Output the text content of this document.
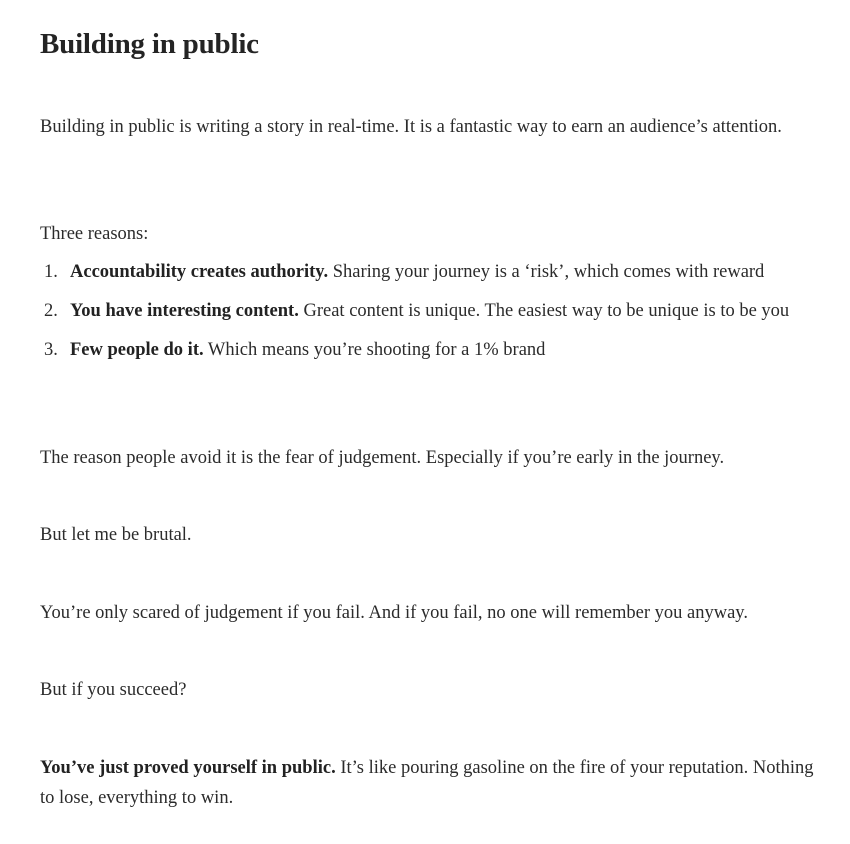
Building in public

Building in public is writing a story in real-time. It is a fantastic way to earn an audience’s attention.

Three reasons:

1. Accountability creates authority. Sharing your journey is a ‘risk’, which comes with reward
2. You have interesting content. Great content is unique. The easiest way to be unique is to be you
3. Few people do it. Which means you’re shooting for a 1% brand

The reason people avoid it is the fear of judgement. Especially if you’re early in the journey.

But let me be brutal.

You’re only scared of judgement if you fail. And if you fail, no one will remember you anyway.

But if you succeed?

You’ve just proved yourself in public. It’s like pouring gasoline on the fire of your reputation. Nothing to lose, everything to win.
